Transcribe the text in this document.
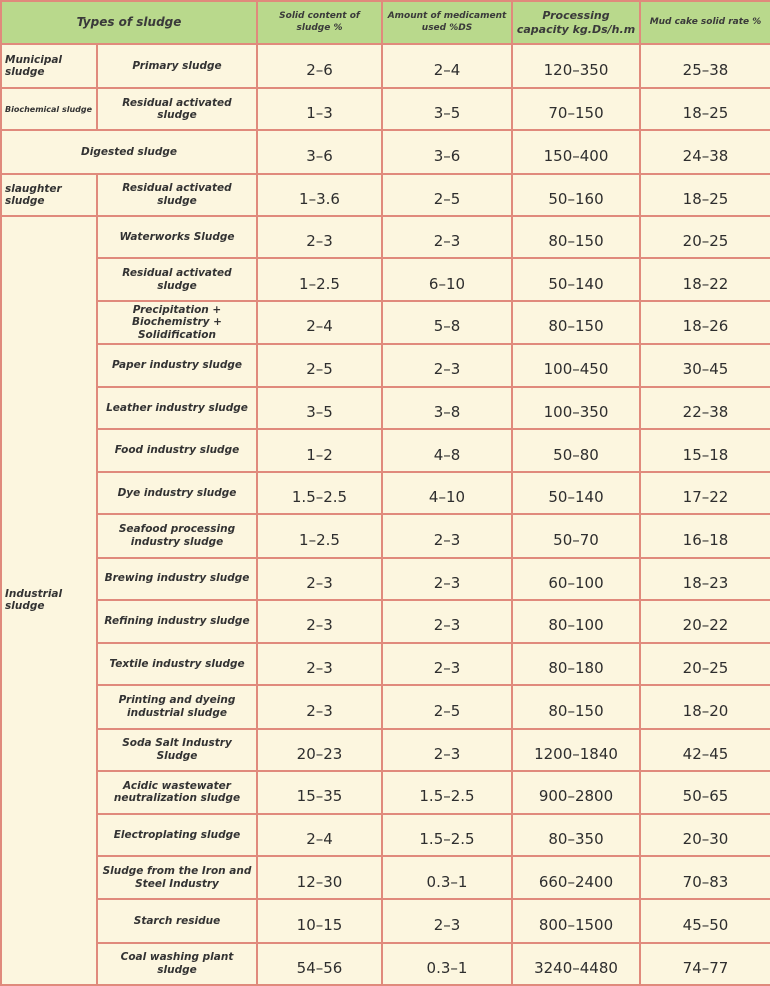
Types of sludge		Solid content of sludge %	Amount of medicament used %DS	Processing capacity kg.Ds/h.m	Mud cake solid rate %
Municipal sludge	Primary sludge	2–6	2–4	120–350	25–38
Biochemical sludge	Residual activated sludge	1–3	3–5	70–150	18–25
Digested sludge		3–6	3–6	150–400	24–38
slaughter sludge	Residual activated sludge	1–3.6	2–5	50–160	18–25
Industrial sludge	Waterworks Sludge	2–3	2–3	80–150	20–25
	Residual activated sludge	1–2.5	6–10	50–140	18–22
	Precipitation + Biochemistry + Solidification	2–4	5–8	80–150	18–26
	Paper industry sludge	2–5	2–3	100–450	30–45
	Leather industry sludge	3–5	3–8	100–350	22–38
	Food industry sludge	1–2	4–8	50–80	15–18
	Dye industry sludge	1.5–2.5	4–10	50–140	17–22
	Seafood processing industry sludge	1–2.5	2–3	50–70	16–18
	Brewing industry sludge	2–3	2–3	60–100	18–23
	Refining industry sludge	2–3	2–3	80–100	20–22
	Textile industry sludge	2–3	2–3	80–180	20–25
	Printing and dyeing industrial sludge	2–3	2–5	80–150	18–20
	Soda Salt Industry Sludge	20–23	2–3	1200–1840	42–45
	Acidic wastewater neutralization sludge	15–35	1.5–2.5	900–2800	50–65
	Electroplating sludge	2–4	1.5–2.5	80–350	20–30
	Sludge from the Iron and Steel Industry	12–30	0.3–1	660–2400	70–83
	Starch residue	10–15	2–3	800–1500	45–50
	Coal washing plant sludge	54–56	0.3–1	3240–4480	74–77
